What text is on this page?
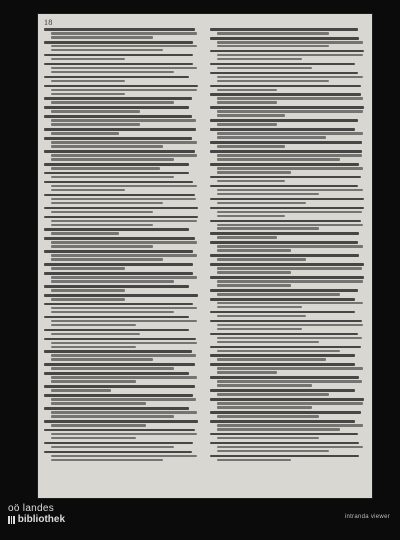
18
oö landes
bibliothek	intranda viewer
